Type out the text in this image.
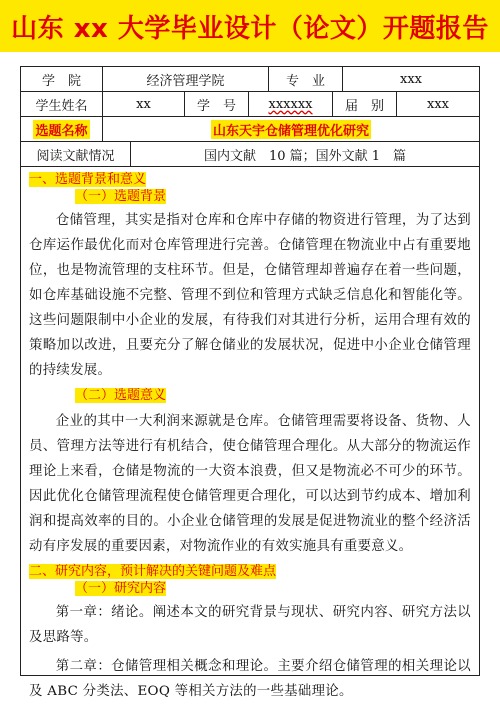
山东 xx 大学毕业设计（论文）开题报告
学　院	经济管理学院	专　业	xxx
学生姓名	xx	学　号	xxxxxx	届　别	xxx
选题名称	山东天宇仓储管理优化研究
阅读文献情况	国内文献　10 篇；国外文献 1　篇
一、选题背景和意义
（一）选题背景

仓储管理，其实是指对仓库和仓库中存储的物资进行管理，为了达到仓库运作最优化而对仓库管理进行完善。仓储管理在物流业中占有重要地位，也是物流管理的支柱环节。但是，仓储管理却普遍存在着一些问题，如仓库基础设施不完整、管理不到位和管理方式缺乏信息化和智能化等。这些问题限制中小企业的发展，有待我们对其进行分析，运用合理有效的策略加以改进，且要充分了解仓储业的发展状况，促进中小企业仓储管理的持续发展。

（二）选题意义

企业的其中一大利润来源就是仓库。仓储管理需要将设备、货物、人员、管理方法等进行有机结合，使仓储管理合理化。从大部分的物流运作理论上来看，仓储是物流的一大资本浪费，但又是物流必不可少的环节。因此优化仓储管理流程使仓储管理更合理化，可以达到节约成本、增加利润和提高效率的目的。小企业仓储管理的发展是促进物流业的整个经济活动有序发展的重要因素，对物流作业的有效实施具有重要意义。

二、研究内容，预计解决的关键问题及难点
（一）研究内容

第一章：绪论。阐述本文的研究背景与现状、研究内容、研究方法以及思路等。

第二章：仓储管理相关概念和理论。主要介绍仓储管理的相关理论以及 ABC 分类法、EOQ 等相关方法的一些基础理论。
